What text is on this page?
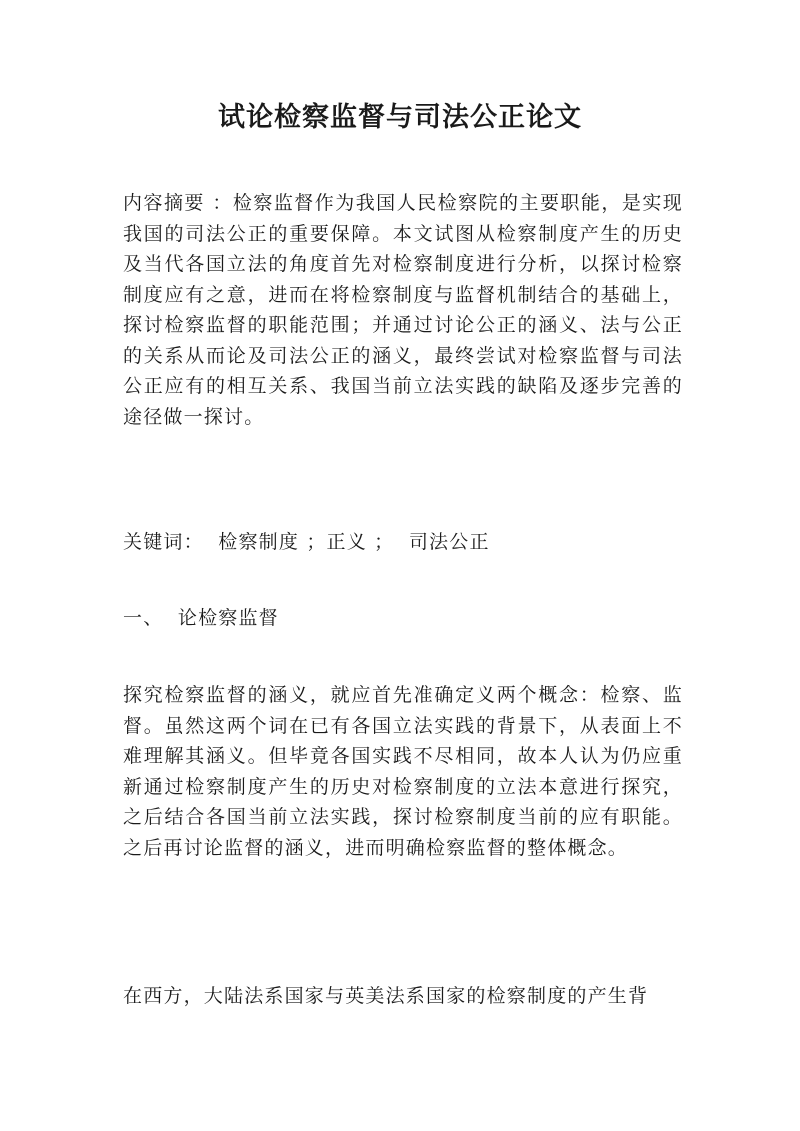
试论检察监督与司法公正论文

内容摘要 ：检察监督作为我国人民检察院的主要职能，是实现我国的司法公正的重要保障。本文试图从检察制度产生的历史及当代各国立法的角度首先对检察制度进行分析，以探讨检察制度应有之意，进而在将检察制度与监督机制结合的基础上，探讨检察监督的职能范围；并通过讨论公正的涵义、法与公正的关系从而论及司法公正的涵义，最终尝试对检察监督与司法公正应有的相互关系、我国当前立法实践的缺陷及逐步完善的途径做一探讨。

关键词：  检察制度 ；正义 ；  司法公正

一、  论检察监督

探究检察监督的涵义，就应首先准确定义两个概念：检察、监督。虽然这两个词在已有各国立法实践的背景下，从表面上不难理解其涵义。但毕竟各国实践不尽相同，故本人认为仍应重新通过检察制度产生的历史对检察制度的立法本意进行探究，之后结合各国当前立法实践，探讨检察制度当前的应有职能。之后再讨论监督的涵义，进而明确检察监督的整体概念。

在西方，大陆法系国家与英美法系国家的检察制度的产生背
